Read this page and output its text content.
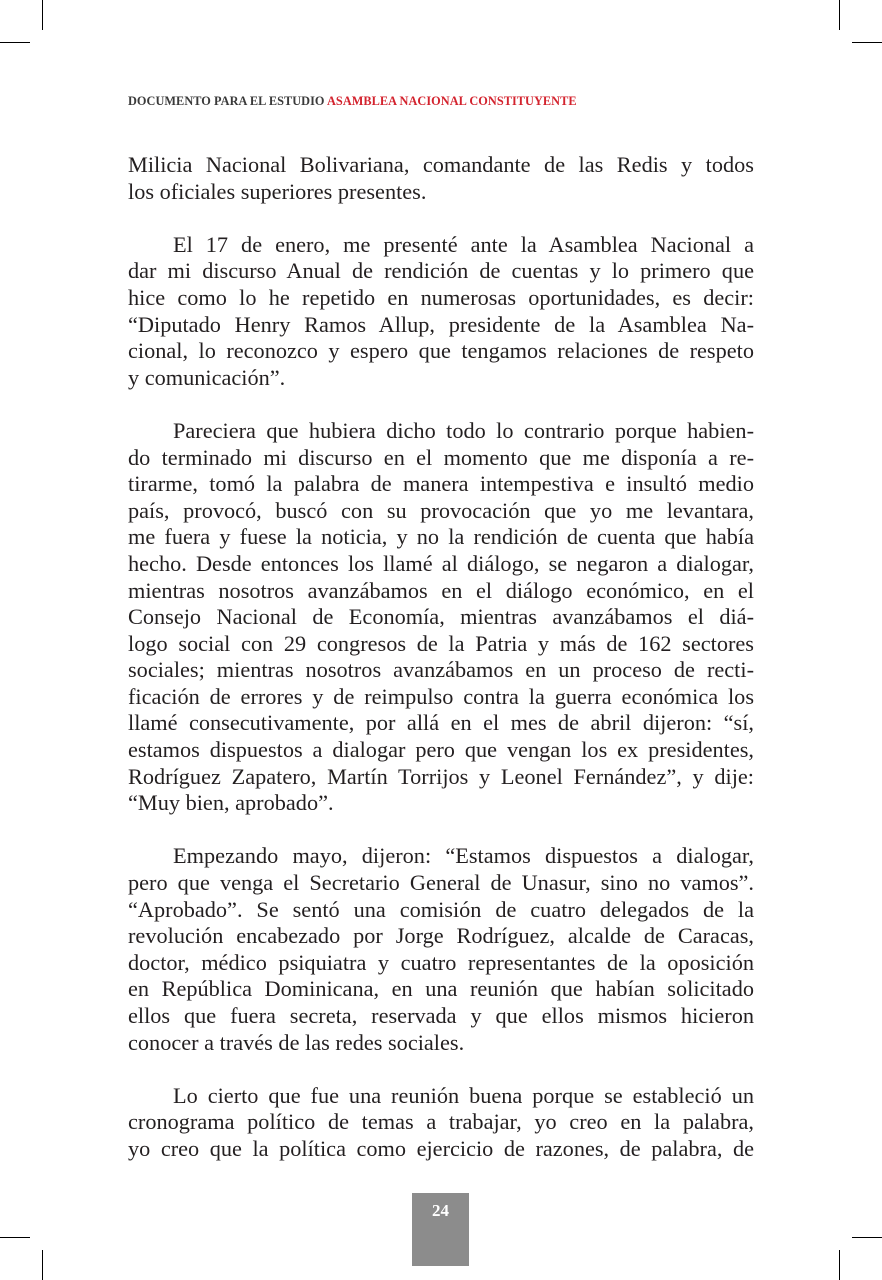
DOCUMENTO PARA EL ESTUDIO ASAMBLEA NACIONAL CONSTITUYENTE

Milicia Nacional Bolivariana, comandante de las Redis y todos
los oficiales superiores presentes.

El 17 de enero, me presenté ante la Asamblea Nacional a
dar mi discurso Anual de rendición de cuentas y lo primero que
hice como lo he repetido en numerosas oportunidades, es decir:
“Diputado Henry Ramos Allup, presidente de la Asamblea Na-
cional, lo reconozco y espero que tengamos relaciones de respeto
y comunicación”.

Pareciera que hubiera dicho todo lo contrario porque habien-
do terminado mi discurso en el momento que me disponía a re-
tirarme, tomó la palabra de manera intempestiva e insultó medio
país, provocó, buscó con su provocación que yo me levantara,
me fuera y fuese la noticia, y no la rendición de cuenta que había
hecho. Desde entonces los llamé al diálogo, se negaron a dialogar,
mientras nosotros avanzábamos en el diálogo económico, en el
Consejo Nacional de Economía, mientras avanzábamos el diá-
logo social con 29 congresos de la Patria y más de 162 sectores
sociales; mientras nosotros avanzábamos en un proceso de recti-
ficación de errores y de reimpulso contra la guerra económica los
llamé consecutivamente, por allá en el mes de abril dijeron: “sí,
estamos dispuestos a dialogar pero que vengan los ex presidentes,
Rodríguez Zapatero, Martín Torrijos y Leonel Fernández”, y dije:
“Muy bien, aprobado”.

Empezando mayo, dijeron: “Estamos dispuestos a dialogar,
pero que venga el Secretario General de Unasur, sino no vamos”.
“Aprobado”. Se sentó una comisión de cuatro delegados de la
revolución encabezado por Jorge Rodríguez, alcalde de Caracas,
doctor, médico psiquiatra y cuatro representantes de la oposición
en República Dominicana, en una reunión que habían solicitado
ellos que fuera secreta, reservada y que ellos mismos hicieron
conocer a través de las redes sociales.

Lo cierto que fue una reunión buena porque se estableció un
cronograma político de temas a trabajar, yo creo en la palabra,
yo creo que la política como ejercicio de razones, de palabra, de

24
